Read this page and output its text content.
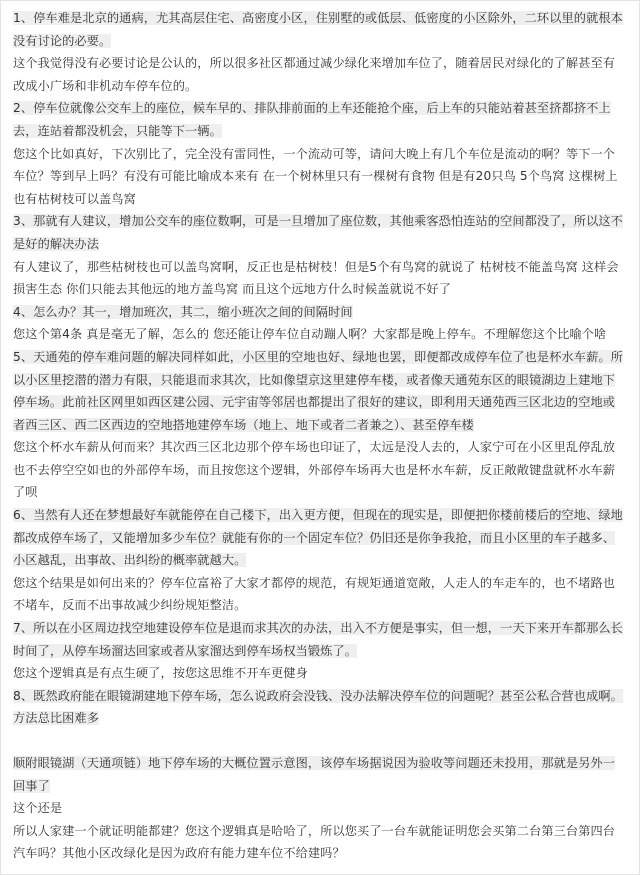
1、停车难是北京的通病，尤其高层住宅、高密度小区，住别墅的或低层、低密度的小区除外，二环以里的就根本没有讨论的必要。

这个我觉得没有必要讨论是公认的，所以很多社区都通过减少绿化来增加车位了，随着居民对绿化的了解甚至有改成小广场和非机动车停车位的。

2、停车位就像公交车上的座位，候车早的、排队排前面的上车还能抢个座，后上车的只能站着甚至挤都挤不上去，连站着都没机会，只能等下一辆。

您这个比如真好，下次别比了，完全没有雷同性，一个流动可等，请问大晚上有几个车位是流动的啊？等下一个车位？等到早上吗？有没有可能比喻成本来有 在一个树林里只有一棵树有食物 但是有20只鸟 5个鸟窝 这棵树上也有枯树枝可以盖鸟窝

3、那就有人建议，增加公交车的座位数啊，可是一旦增加了座位数，其他乘客恐怕连站的空间都没了，所以这不是好的解决办法

有人建议了，那些枯树枝也可以盖鸟窝啊，反正也是枯树枝！但是5个有鸟窝的就说了 枯树枝不能盖鸟窝 这样会损害生态 你们只能去其他远的地方盖鸟窝 而且这个远地方什么时候盖就说不好了

4、怎么办？其一，增加班次，其二，缩小班次之间的间隔时间

您这个第4条 真是毫无了解，怎么的 您还能让停车位自动蹦人啊？大家都是晚上停车。不理解您这个比喻个啥

5、天通苑的停车难问题的解决同样如此，小区里的空地也好、绿地也罢，即便都改成停车位了也是杯水车薪。所以小区里挖潜的潜力有限，只能退而求其次，比如像望京这里建停车楼，或者像天通苑东区的眼镜湖边上建地下停车场。此前社区网里如西区建公园、元宇宙等邻居也都提出了很好的建议，即利用天通苑西三区北边的空地或者西三区、西二区西边的空地搭地建停车场（地上、地下或者二者兼之）、甚至停车楼

您这个杯水车薪从何而来？其次西三区北边那个停车场也印证了，太远是没人去的，人家宁可在小区里乱停乱放也不去停空空如也的外部停车场，而且按您这个逻辑，外部停车场再大也是杯水车薪，反正敞敞键盘就杯水车薪了呗

6、当然有人还在梦想最好车就能停在自己楼下，出入更方便，但现在的现实是，即便把你楼前楼后的空地、绿地都改成停车场了，又能增加多少车位？就能有你的一个固定车位？仍旧还是你争我抢，而且小区里的车子越多、小区越乱，出事故、出纠纷的概率就越大。

您这个结果是如何出来的？停车位富裕了大家才都停的规范，有规矩通道宽敞，人走人的车走车的，也不堵路也不堵车，反而不出事故减少纠纷规矩整洁。

7、所以在小区周边找空地建设停车位是退而求其次的办法，出入不方便是事实，但一想，一天下来开车都那么长时间了，从停车场溜达回家或者从家溜达到停车场权当锻炼了。

您这个逻辑真是有点生硬了，按您这思维不开车更健身

8、既然政府能在眼镜湖建地下停车场，怎么说政府会没钱、没办法解决停车位的问题呢？甚至公私合营也成啊。方法总比困难多

顺附眼镜湖（天通项链）地下停车场的大概位置示意图，该停车场据说因为验收等问题还未投用，那就是另外一回事了

这个还是

所以人家建一个就证明能都建？您这个逻辑真是哈哈了，所以您买了一台车就能证明您会买第二台第三台第四台汽车吗？其他小区改绿化是因为政府有能力建车位不给建吗？
